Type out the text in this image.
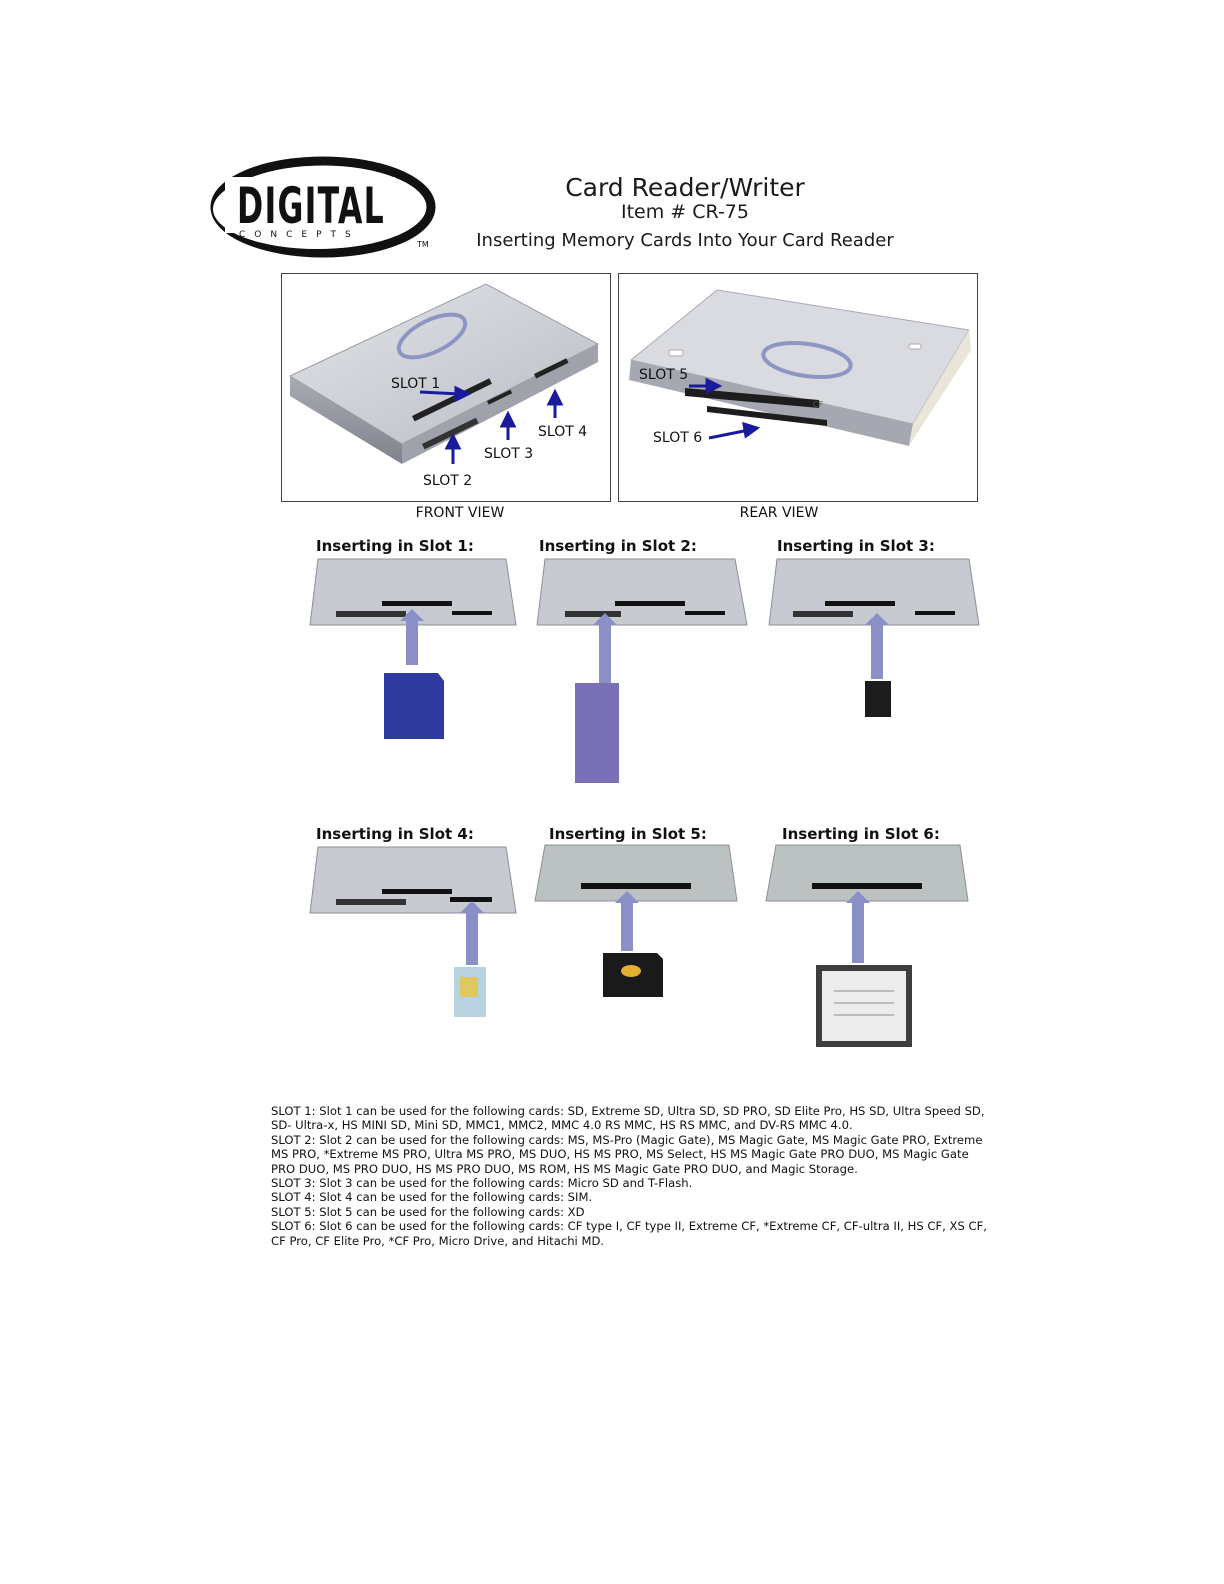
DIGITAL
CONCEPTS
TM
Card Reader/Writer
Item # CR-75
Inserting Memory Cards Into Your Card Reader
SLOT 1
SLOT 2
SLOT 3
SLOT 4
CF
SLOT 5
SLOT 6
FRONT VIEW	REAR VIEW
Inserting in Slot 1:	Inserting in Slot 2:	Inserting in Slot 3:
Inserting in Slot 4:	Inserting in Slot 5:	Inserting in Slot 6:

SLOT 1: Slot 1 can be used for the following cards: SD, Extreme SD, Ultra SD, SD PRO, SD Elite Pro, HS SD, Ultra Speed SD, SD- Ultra-x, HS MINI SD, Mini SD, MMC1, MMC2, MMC 4.0 RS MMC, HS RS MMC, and DV-RS MMC 4.0.

SLOT 2: Slot 2 can be used for the following cards: MS, MS-Pro (Magic Gate), MS Magic Gate, MS Magic Gate PRO, Extreme MS PRO, *Extreme MS PRO, Ultra MS PRO, MS DUO, HS MS PRO, MS Select, HS MS Magic Gate PRO DUO, MS Magic Gate PRO DUO, MS PRO DUO, HS MS PRO DUO, MS ROM, HS MS Magic Gate PRO DUO, and Magic Storage.

SLOT 3: Slot 3 can be used for the following cards: Micro SD and T-Flash.

SLOT 4: Slot 4 can be used for the following cards: SIM.

SLOT 5: Slot 5 can be used for the following cards: XD

SLOT 6: Slot 6 can be used for the following cards: CF type I, CF type II, Extreme CF, *Extreme CF, CF-ultra II, HS CF, XS CF, CF Pro, CF Elite Pro, *CF Pro, Micro Drive, and Hitachi MD.
